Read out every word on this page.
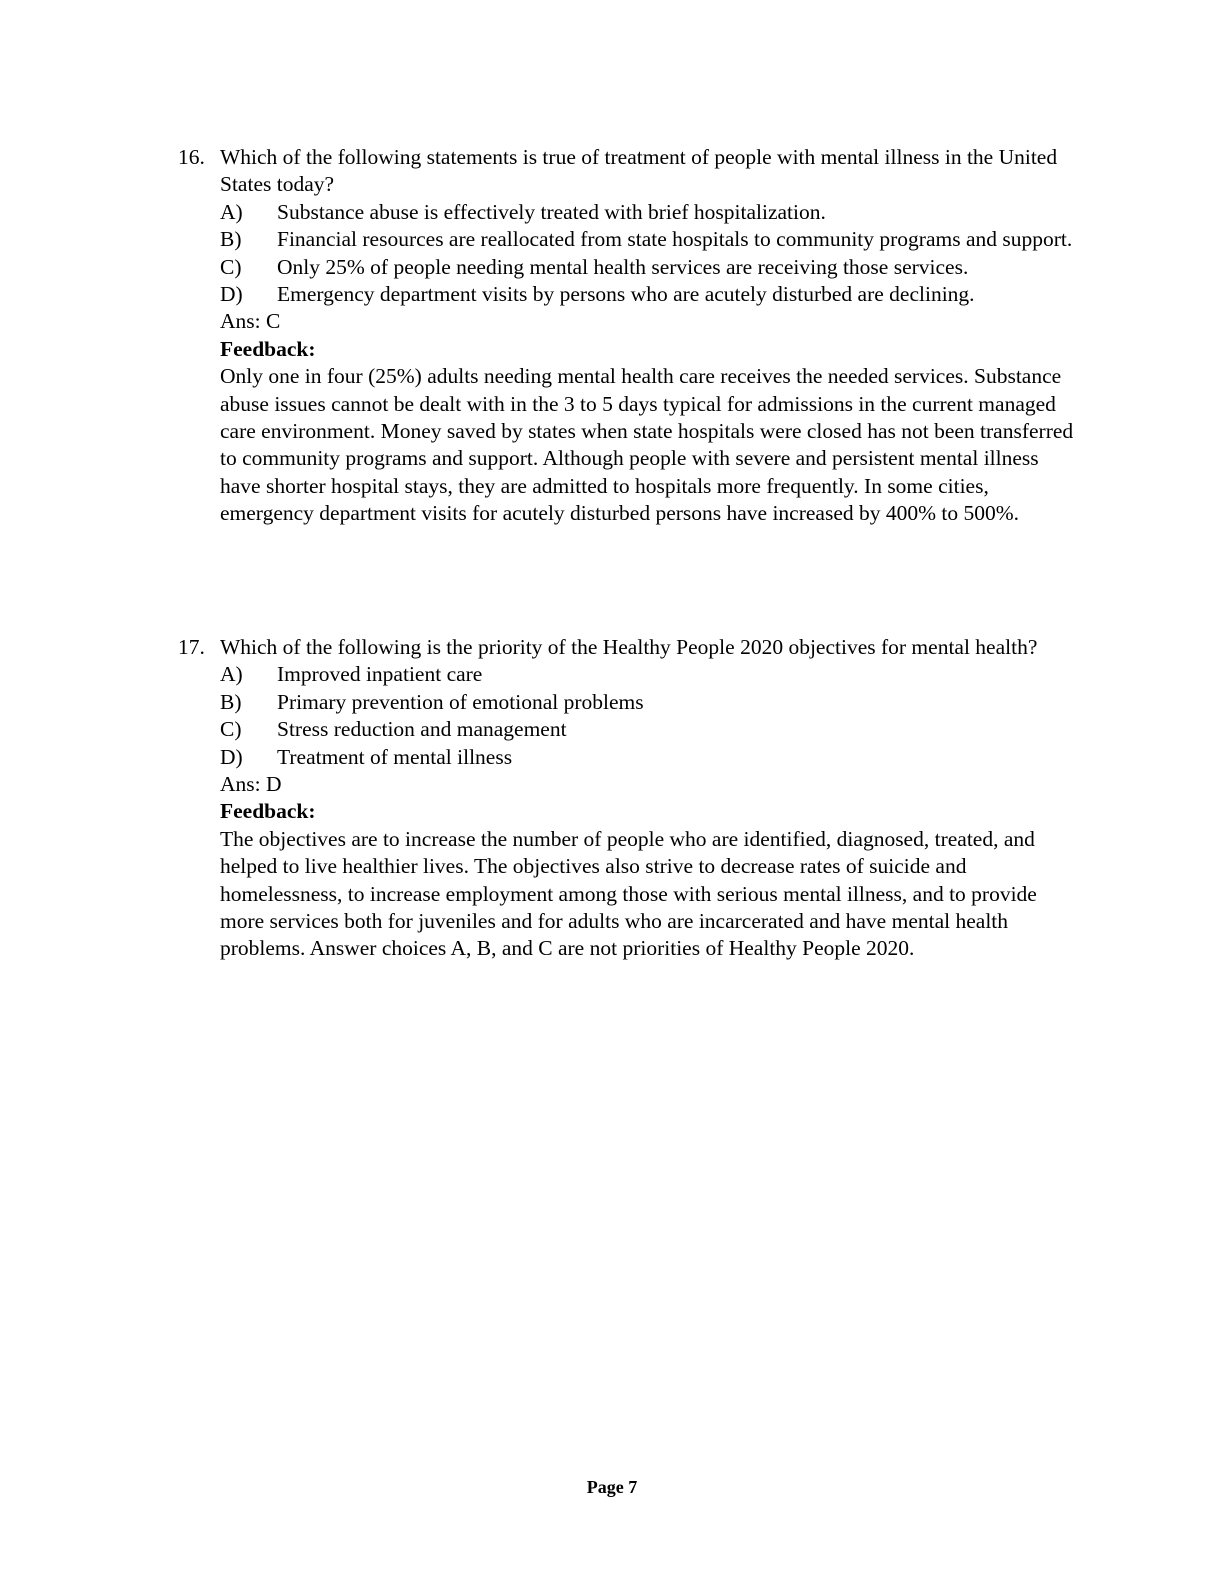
16. Which of the following statements is true of treatment of people with mental illness in the United States today?
A)	Substance abuse is effectively treated with brief hospitalization.
B)	Financial resources are reallocated from state hospitals to community programs and support.
C)	Only 25% of people needing mental health services are receiving those services.
D)	Emergency department visits by persons who are acutely disturbed are declining.
Ans: C
Feedback:
Only one in four (25%) adults needing mental health care receives the needed services. Substance abuse issues cannot be dealt with in the 3 to 5 days typical for admissions in the current managed care environment. Money saved by states when state hospitals were closed has not been transferred to community programs and support. Although people with severe and persistent mental illness have shorter hospital stays, they are admitted to hospitals more frequently. In some cities, emergency department visits for acutely disturbed persons have increased by 400% to 500%.
17. Which of the following is the priority of the Healthy People 2020 objectives for mental health?
A)	Improved inpatient care
B)	Primary prevention of emotional problems
C)	Stress reduction and management
D)	Treatment of mental illness
Ans: D
Feedback:
The objectives are to increase the number of people who are identified, diagnosed, treated, and helped to live healthier lives. The objectives also strive to decrease rates of suicide and homelessness, to increase employment among those with serious mental illness, and to provide more services both for juveniles and for adults who are incarcerated and have mental health problems. Answer choices A, B, and C are not priorities of Healthy People 2020.
Page 7
